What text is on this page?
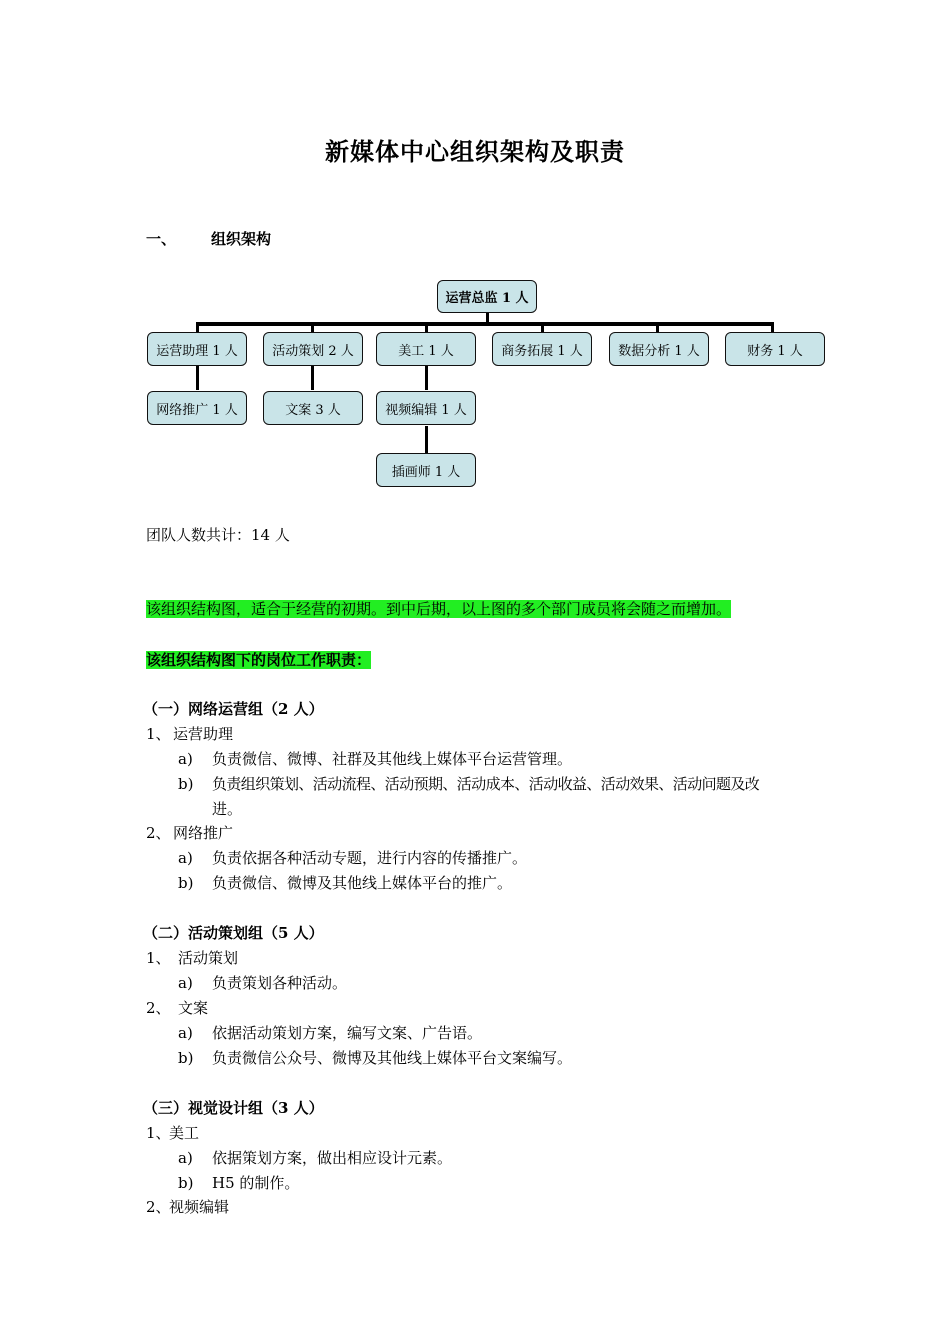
新媒体中心组织架构及职责
一、 组织架构
运营总监 1 人
运营助理 1 人	活动策划 2 人	美工 1 人	商务拓展 1 人	数据分析 1 人	财务 1 人
网络推广 1 人	文案 3 人	视频编辑 1 人
插画师 1 人
团队人数共计：14 人
该组织结构图，适合于经营的初期。到中后期，以上图的多个部门成员将会随之而增加。
该组织结构图下的岗位工作职责：
（一）网络运营组（2 人）
1、 运营助理
a) 负责微信、微博、社群及其他线上媒体平台运营管理。
b) 负责组织策划、活动流程、活动预期、活动成本、活动收益、活动效果、活动问题及改
进。
2、 网络推广
a) 负责依据各种活动专题，进行内容的传播推广。
b) 负责微信、微博及其他线上媒体平台的推广。
（二）活动策划组（5 人）
1、 活动策划
a) 负责策划各种活动。
2、 文案
a) 依据活动策划方案，编写文案、广告语。
b) 负责微信公众号、微博及其他线上媒体平台文案编写。
（三）视觉设计组（3 人）
1、
美工
a) 依据策划方案，做出相应设计元素。
b) H5 的制作。
2、
视频编辑
